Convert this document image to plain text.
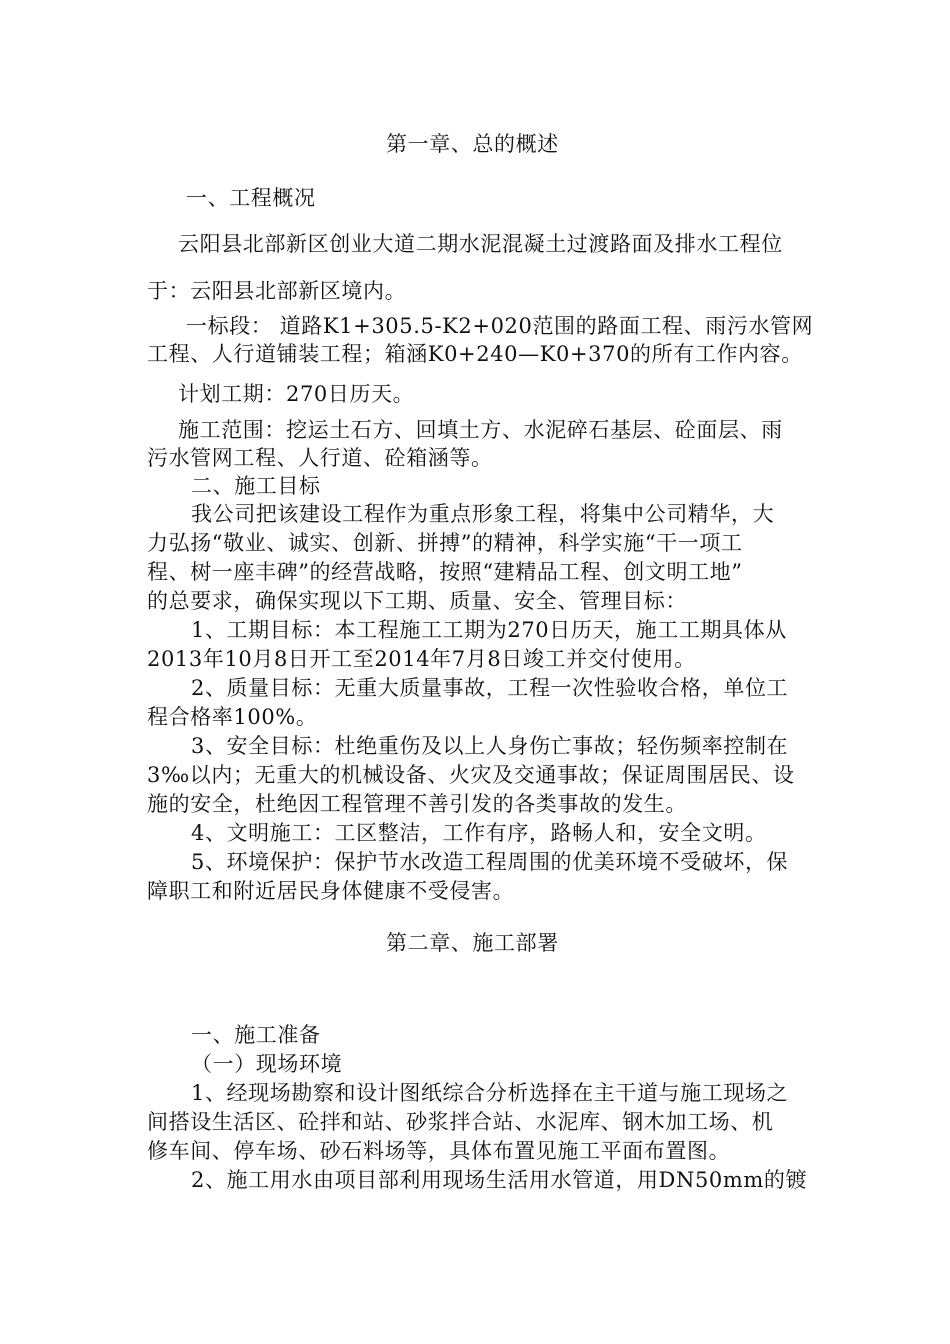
第一章、总的概述
一、工程概况
云阳县北部新区创业大道二期水泥混凝土过渡路面及排水工程位
于：云阳县北部新区境内。
一标段： 道路K1+305.5-K2+020范围的路面工程、雨污水管网
工程、人行道铺装工程；箱涵K0+240—K0+370的所有工作内容。
计划工期：270日历天。
施工范围：挖运土石方、回填土方、水泥碎石基层、砼面层、雨
污水管网工程、人行道、砼箱涵等。
二、施工目标
我公司把该建设工程作为重点形象工程，将集中公司精华，大
力弘扬“敬业、诚实、创新、拼搏”的精神，科学实施“干一项工
程、树一座丰碑”的经营战略，按照“建精品工程、创文明工地”
的总要求，确保实现以下工期、质量、安全、管理目标：
1、工期目标：本工程施工工期为270日历天，施工工期具体从
2013年10月8日开工至2014年7月8日竣工并交付使用。
2、质量目标：无重大质量事故，工程一次性验收合格，单位工
程合格率100%。
3、安全目标：杜绝重伤及以上人身伤亡事故；轻伤频率控制在
3‰以内；无重大的机械设备、火灾及交通事故；保证周围居民、设
施的安全，杜绝因工程管理不善引发的各类事故的发生。
4、文明施工：工区整洁，工作有序，路畅人和，安全文明。
5、环境保护：保护节水改造工程周围的优美环境不受破坏，保
障职工和附近居民身体健康不受侵害。
第二章、施工部署
一、施工准备
（一）现场环境
1、经现场勘察和设计图纸综合分析选择在主干道与施工现场之
间搭设生活区、砼拌和站、砂浆拌合站、水泥库、钢木加工场、机
修车间、停车场、砂石料场等，具体布置见施工平面布置图。
2、施工用水由项目部利用现场生活用水管道，用DN50mm的镀
